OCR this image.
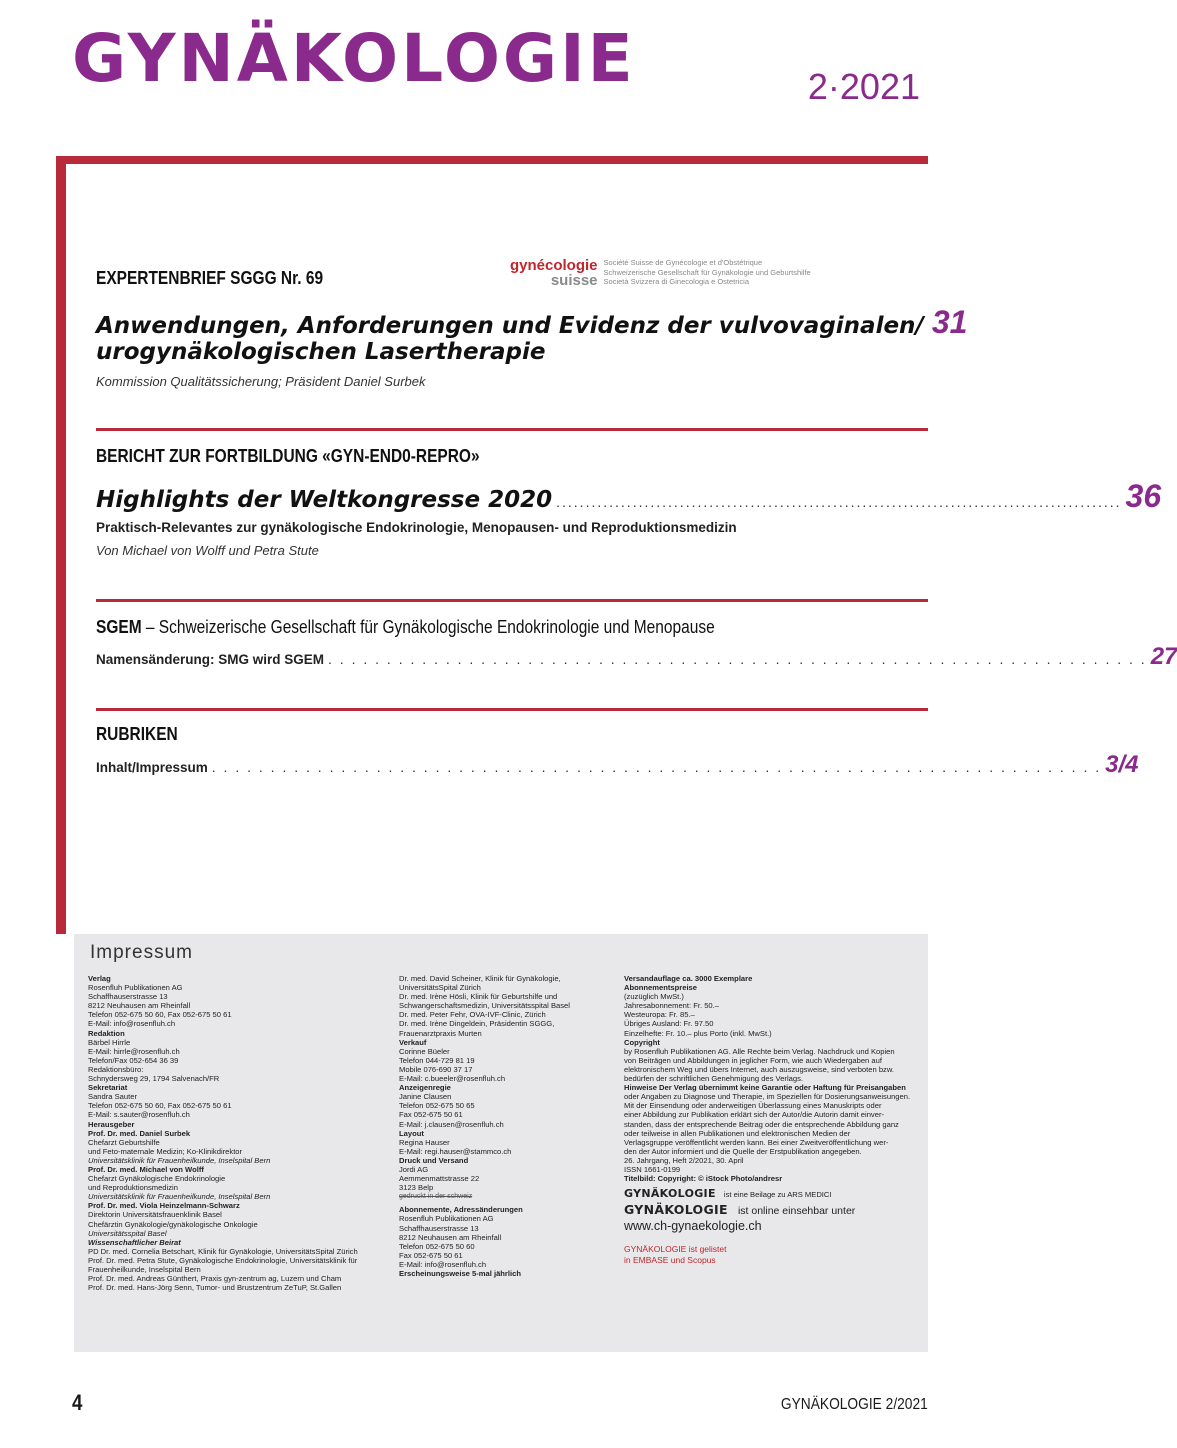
GYNÄKOLOGIE	2·2021
EXPERTENBRIEF SGGG Nr. 69
gynécologie
suisse
Société Suisse de Gynécologie et d'Obstétrique
Schweizerische Gesellschaft für Gynäkologie und Geburtshilfe
Società Svizzera di Ginecologia e Ostetricia
Anwendungen, Anforderungen und Evidenz der vulvovaginalen/ 31
urogynäkologischen Lasertherapie
Kommission Qualitätssicherung; Präsident Daniel Surbek
BERICHT ZUR FORTBILDUNG «GYN-END0-REPRO»
Highlights der Weltkongresse 2020 ................................................................................................ 36
Praktisch-Relevantes zur gynäkologische Endokrinologie, Menopausen- und Reproduktionsmedizin
Von Michael von Wolff und Petra Stute
SGEM – Schweizerische Gesellschaft für Gynäkologische Endokrinologie und Menopause
Namensänderung: SMG wird SGEM . . . . . . . . . . . . . . . . . . . . . . . . . . . . . . . . . . . . . . . . . . . . . . . . . . . . . . . . . . . . . . . . . . . . . . 27
RUBRIKEN
Inhalt/Impressum . . . . . . . . . . . . . . . . . . . . . . . . . . . . . . . . . . . . . . . . . . . . . . . . . . . . . . . . . . . . . . . . . . . . . . . . . . . . 3/4
Impressum
Verlag
Rosenfluh Publikationen AG
Schaffhauserstrasse 13
8212 Neuhausen am Rheinfall
Telefon 052-675 50 60, Fax 052-675 50 61
E-Mail: info@rosenfluh.ch
Redaktion
Bärbel Hirrle
E-Mail: hirrle@rosenfluh.ch
Telefon/Fax 052-654 36 39
Redaktionsbüro:
Schnydersweg 29, 1794 Salvenach/FR
Sekretariat
Sandra Sauter
Telefon 052-675 50 60, Fax 052-675 50 61
E-Mail: s.sauter@rosenfluh.ch
Herausgeber
Prof. Dr. med. Daniel Surbek
Chefarzt Geburtshilfe
und Feto-maternale Medizin; Ko-Klinikdirektor
Universitätsklinik für Frauenheilkunde, Inselspital Bern
Prof. Dr. med. Michael von Wolff
Chefarzt Gynäkologische Endokrinologie
und Reproduktionsmedizin
Universitätsklinik für Frauenheilkunde, Inselspital Bern
Prof. Dr. med. Viola Heinzelmann-Schwarz
Direktorin Universitätsfrauenklinik Basel
Chefärztin Gynäkologie/gynäkologische Onkologie
Universitätsspital Basel
Wissenschaftlicher Beirat
PD Dr. med. Cornelia Betschart, Klinik für Gynäkologie, UniversitätsSpital Zürich
Prof. Dr. med. Petra Stute, Gynäkologische Endokrinologie, Universitätsklinik für
Frauenheilkunde, Inselspital Bern
Prof. Dr. med. Andreas Günthert, Praxis gyn-zentrum ag, Luzern und Cham
Prof. Dr. med. Hans-Jörg Senn, Tumor- und Brustzentrum ZeTuP, St.Gallen
Dr. med. David Scheiner, Klinik für Gynäkologie,
UniversitätsSpital Zürich
Dr. med. Irène Hösli, Klinik für Geburtshilfe und
Schwangerschaftsmedizin, Universitätsspital Basel
Dr. med. Peter Fehr, OVA-IVF-Clinic, Zürich
Dr. med. Irène Dingeldein, Präsidentin SGGG,
Frauenarztpraxis Murten
Verkauf
Corinne Büeler
Telefon 044-729 81 19
Mobile 076-690 37 17
E-Mail: c.bueeler@rosenfluh.ch
Anzeigenregie
Janine Clausen
Telefon 052-675 50 65
Fax 052-675 50 61
E-Mail: j.clausen@rosenfluh.ch
Layout
Regina Hauser
E-Mail: regi.hauser@stammco.ch
Druck und Versand
Jordi AG
Aemmenmattstrasse 22
3123 Belp
gedruckt in der schweiz
Abonnemente, Adressänderungen
Rosenfluh Publikationen AG
Schaffhauserstrasse 13
8212 Neuhausen am Rheinfall
Telefon 052-675 50 60
Fax 052-675 50 61
E-Mail: info@rosenfluh.ch
Erscheinungsweise 5-mal jährlich
Versandauflage ca. 3000 Exemplare
Abonnementspreise
(zuzüglich MwSt.)
Jahresabonnement: Fr. 50.–
Westeuropa: Fr. 85.–
Übriges Ausland: Fr. 97.50
Einzelhefte: Fr. 10.– plus Porto (inkl. MwSt.)
Copyright
by Rosenfluh Publikationen AG. Alle Rechte beim Verlag. Nachdruck und Kopien
von Beiträgen und Abbildungen in jeglicher Form, wie auch Wiedergaben auf
elektronischem Weg und übers Internet, auch auszugsweise, sind verboten bzw.
bedürfen der schriftlichen Genehmigung des Verlags.
Hinweise Der Verlag übernimmt keine Garantie oder Haftung für Preisangaben
oder Angaben zu Diagnose und Therapie, im Speziellen für Dosierungsanweisungen.
Mit der Einsendung oder anderweitigen Überlassung eines Manuskripts oder
einer Abbildung zur Publikation erklärt sich der Autor/die Autorin damit einver-
standen, dass der entsprechende Beitrag oder die entsprechende Abbildung ganz
oder teilweise in allen Publikationen und elektronischen Medien der
Verlagsgruppe veröffentlicht werden kann. Bei einer Zweitveröffentlichung wer-
den der Autor informiert und die Quelle der Erstpublikation angegeben.
26. Jahrgang, Heft 2/2021, 30. April
ISSN 1661-0199
Titelbild: Copyright: © iStock Photo/andresr
GYNÄKOLOGIE ist eine Beilage zu ARS MEDICI
GYNÄKOLOGIE ist online einsehbar unter
www.ch-gynaekologie.ch
GYNÄKOLOGIE ist gelistet
in EMBASE und Scopus
4	GYNÄKOLOGIE 2/2021
